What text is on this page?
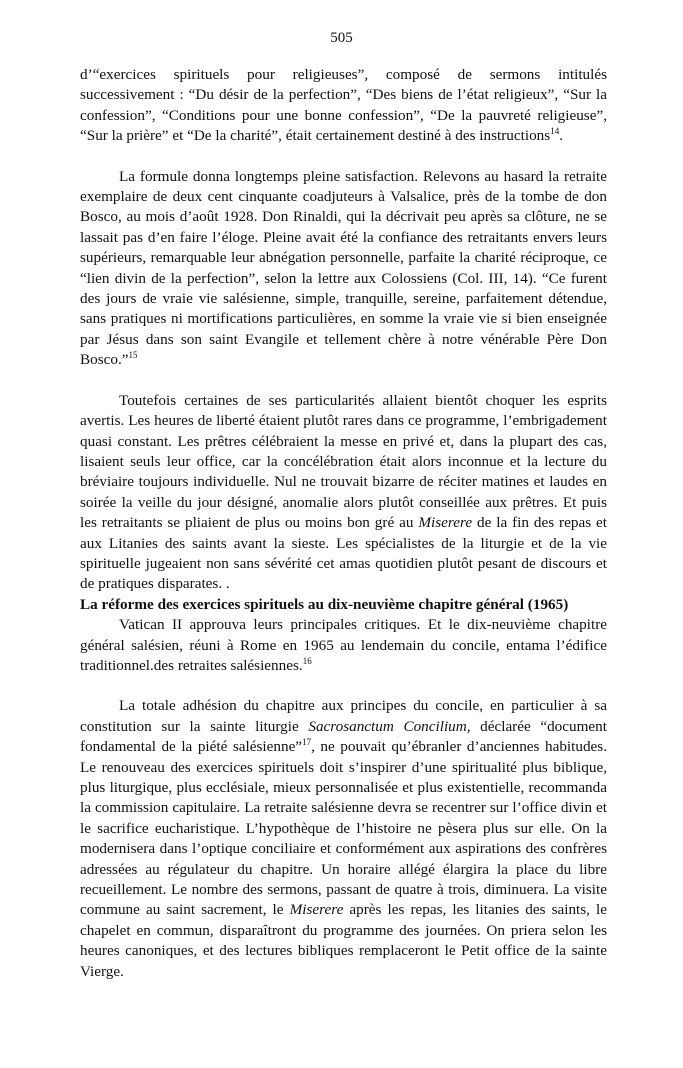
505

d’“exercices spirituels pour religieuses”, composé de sermons intitulés successivement : “Du désir de la perfection”, “Des biens de l’état religieux”, “Sur la confession”, “Conditions pour une bonne confession”, “De la pauvreté religieuse”, “Sur la prière” et “De la charité”, était certainement destiné à des instructions$^{14}$.

La formule donna longtemps pleine satisfaction. Relevons au hasard la retraite exemplaire de deux cent cinquante coadjuteurs à Valsalice, près de la tombe de don Bosco, au mois d’août 1928. Don Rinaldi, qui la décrivait peu après sa clôture, ne se lassait pas d’en faire l’éloge. Pleine avait été la confiance des retraitants envers leurs supérieurs, remarquable leur abnégation personnelle, parfaite la charité réciproque, ce “lien divin de la perfection”, selon la lettre aux Colossiens (Col. III, 14). “Ce furent des jours de vraie vie salésienne, simple, tranquille, sereine, parfaitement détendue, sans pratiques ni mortifications particulières, en somme la vraie vie si bien enseignée par Jésus dans son saint Evangile et tellement chère à notre vénérable Père Don Bosco.”$^{15}$

Toutefois certaines de ses particularités allaient bientôt choquer les esprits avertis. Les heures de liberté étaient plutôt rares dans ce programme, l’embrigadement quasi constant. Les prêtres célébraient la messe en privé et, dans la plupart des cas, lisaient seuls leur office, car la concélébration était alors inconnue et la lecture du bréviaire toujours individuelle. Nul ne trouvait bizarre de réciter matines et laudes en soirée la veille du jour désigné, anomalie alors plutôt conseillée aux prêtres. Et puis les retraitants se pliaient de plus ou moins bon gré au Miserere de la fin des repas et aux Litanies des saints avant la sieste. Les spécialistes de la liturgie et de la vie spirituelle jugeaient non sans sévérité cet amas quotidien plutôt pesant de discours et de pratiques disparates. .

La réforme des exercices spirituels au dix-neuvième chapitre général (1965)

Vatican II approuva leurs principales critiques. Et le dix-neuvième chapitre général salésien, réuni à Rome en 1965 au lendemain du concile, entama l’édifice traditionnel.des retraites salésiennes.$^{16}$

La totale adhésion du chapitre aux principes du concile, en particulier à sa constitution sur la sainte liturgie Sacrosanctum Concilium, déclarée “document fondamental de la piété salésienne”$^{17}$, ne pouvait qu’ébranler d’anciennes habitudes. Le renouveau des exercices spirituels doit s’inspirer d’une spiritualité plus biblique, plus liturgique, plus ecclésiale, mieux personnalisée et plus existentielle, recommanda la commission capitulaire. La retraite salésienne devra se recentrer sur l’office divin et le sacrifice eucharistique. L’hypothèque de l’histoire ne pèsera plus sur elle. On la modernisera dans l’optique conciliaire et conformément aux aspirations des confrères adressées au régulateur du chapitre. Un horaire allégé élargira la place du libre recueillement. Le nombre des sermons, passant de quatre à trois, diminuera. La visite commune au saint sacrement, le Miserere après les repas, les litanies des saints, le chapelet en commun, disparaîtront du programme des journées. On priera selon les heures canoniques, et des lectures bibliques remplaceront le Petit office de la sainte Vierge.
